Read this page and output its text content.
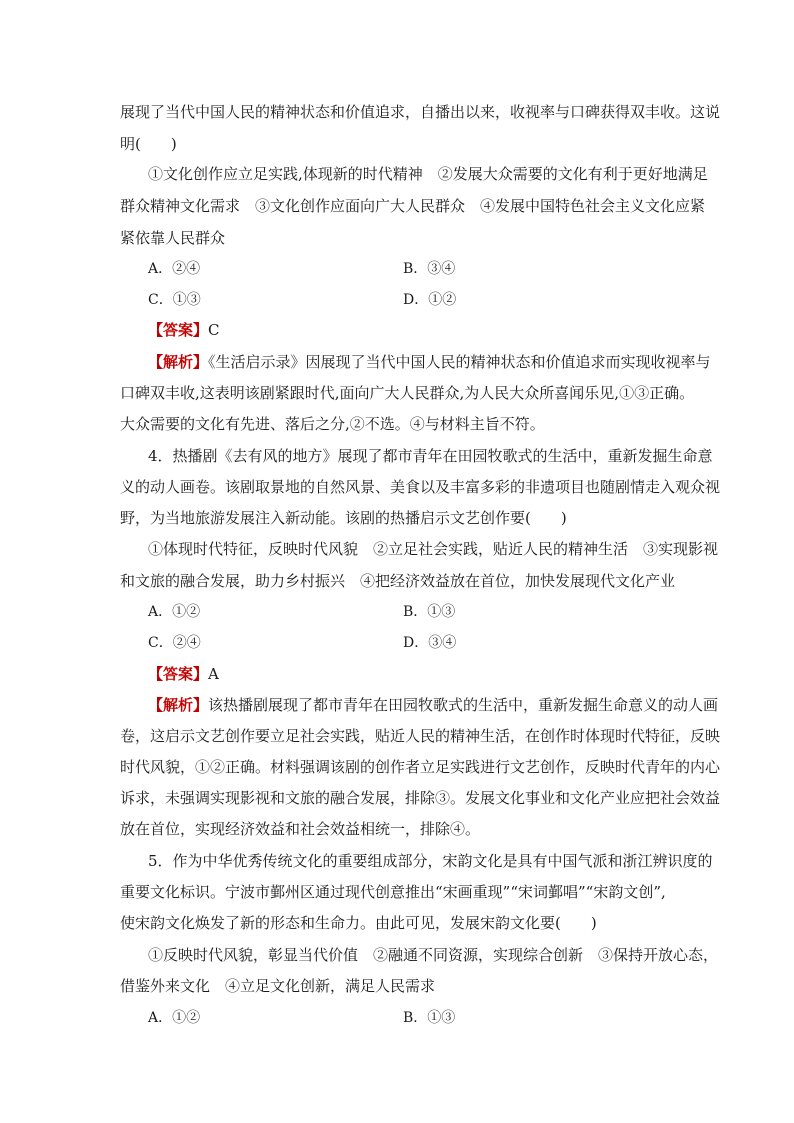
展现了当代中国人民的精神状态和价值追求，自播出以来，收视率与口碑获得双丰收。这说
明(　　)
①文化创作应立足实践,体现新的时代精神　②发展大众需要的文化有利于更好地满足
群众精神文化需求　③文化创作应面向广大人民群众　④发展中国特色社会主义文化应紧
紧依靠人民群众
A．②④	B．③④
C．①③	D．①②
【答案】C
【解析】《生活启示录》因展现了当代中国人民的精神状态和价值追求而实现收视率与
口碑双丰收,这表明该剧紧跟时代,面向广大人民群众,为人民大众所喜闻乐见,①③正确。
大众需要的文化有先进、落后之分,②不选。④与材料主旨不符。
4．热播剧《去有风的地方》展现了都市青年在田园牧歌式的生活中，重新发掘生命意
义的动人画卷。该剧取景地的自然风景、美食以及丰富多彩的非遗项目也随剧情走入观众视
野，为当地旅游发展注入新动能。该剧的热播启示文艺创作要(　　)
①体现时代特征，反映时代风貌　②立足社会实践，贴近人民的精神生活　③实现影视
和文旅的融合发展，助力乡村振兴　④把经济效益放在首位，加快发展现代文化产业
A．①②	B．①③
C．②④	D．③④
【答案】A
【解析】该热播剧展现了都市青年在田园牧歌式的生活中，重新发掘生命意义的动人画
卷，这启示文艺创作要立足社会实践，贴近人民的精神生活，在创作时体现时代特征，反映
时代风貌，①②正确。材料强调该剧的创作者立足实践进行文艺创作，反映时代青年的内心
诉求，未强调实现影视和文旅的融合发展，排除③。发展文化事业和文化产业应把社会效益
放在首位，实现经济效益和社会效益相统一，排除④。
5．作为中华优秀传统文化的重要组成部分，宋韵文化是具有中国气派和浙江辨识度的
重要文化标识。宁波市鄞州区通过现代创意推出“宋画重现”“宋词鄞唱”“宋韵文创”,
使宋韵文化焕发了新的形态和生命力。由此可见，发展宋韵文化要(　　)
①反映时代风貌，彰显当代价值　②融通不同资源，实现综合创新　③保持开放心态，
借鉴外来文化　④立足文化创新，满足人民需求
A．①②	B．①③
